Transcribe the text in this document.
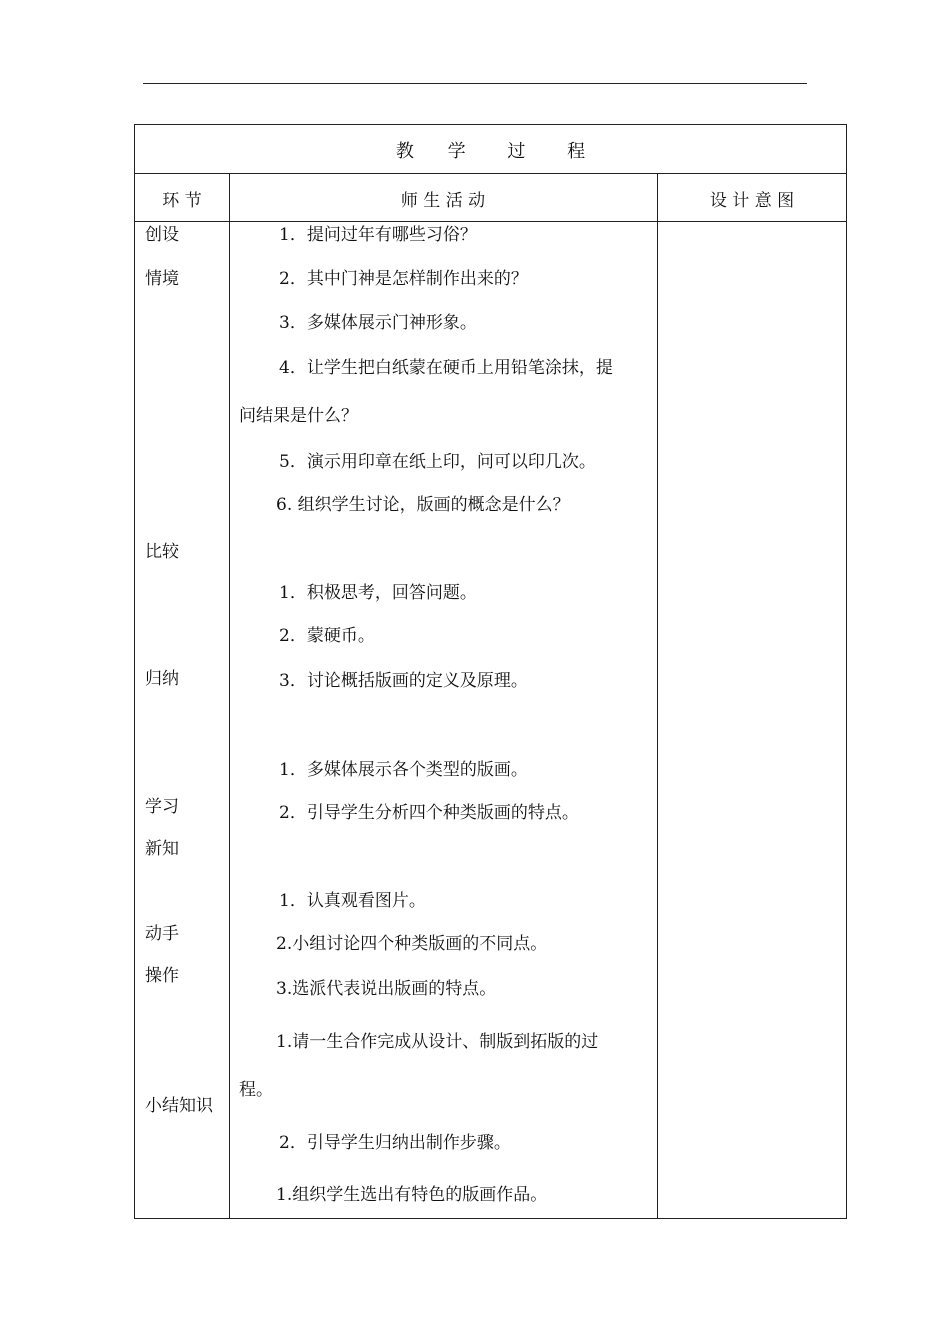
教 学 过 程
环 节	师 生 活 动	设 计 意 图
创设
情境
比较
归纳
学习
新知
动手
操作
小结知识
1．提问过年有哪些习俗？
2．其中门神是怎样制作出来的？
3．多媒体展示门神形象。
4．让学生把白纸蒙在硬币上用铅笔涂抹，提
问结果是什么？
5．演示用印章在纸上印，问可以印几次。
6. 组织学生讨论，版画的概念是什么？
1．积极思考，回答问题。
2．蒙硬币。
3．讨论概括版画的定义及原理。
1．多媒体展示各个类型的版画。
2．引导学生分析四个种类版画的特点。
1．认真观看图片。
2.小组讨论四个种类版画的不同点。
3.选派代表说出版画的特点。
1.请一生合作完成从设计、制版到拓版的过
程。
2．引导学生归纳出制作步骤。
1.组织学生选出有特色的版画作品。
